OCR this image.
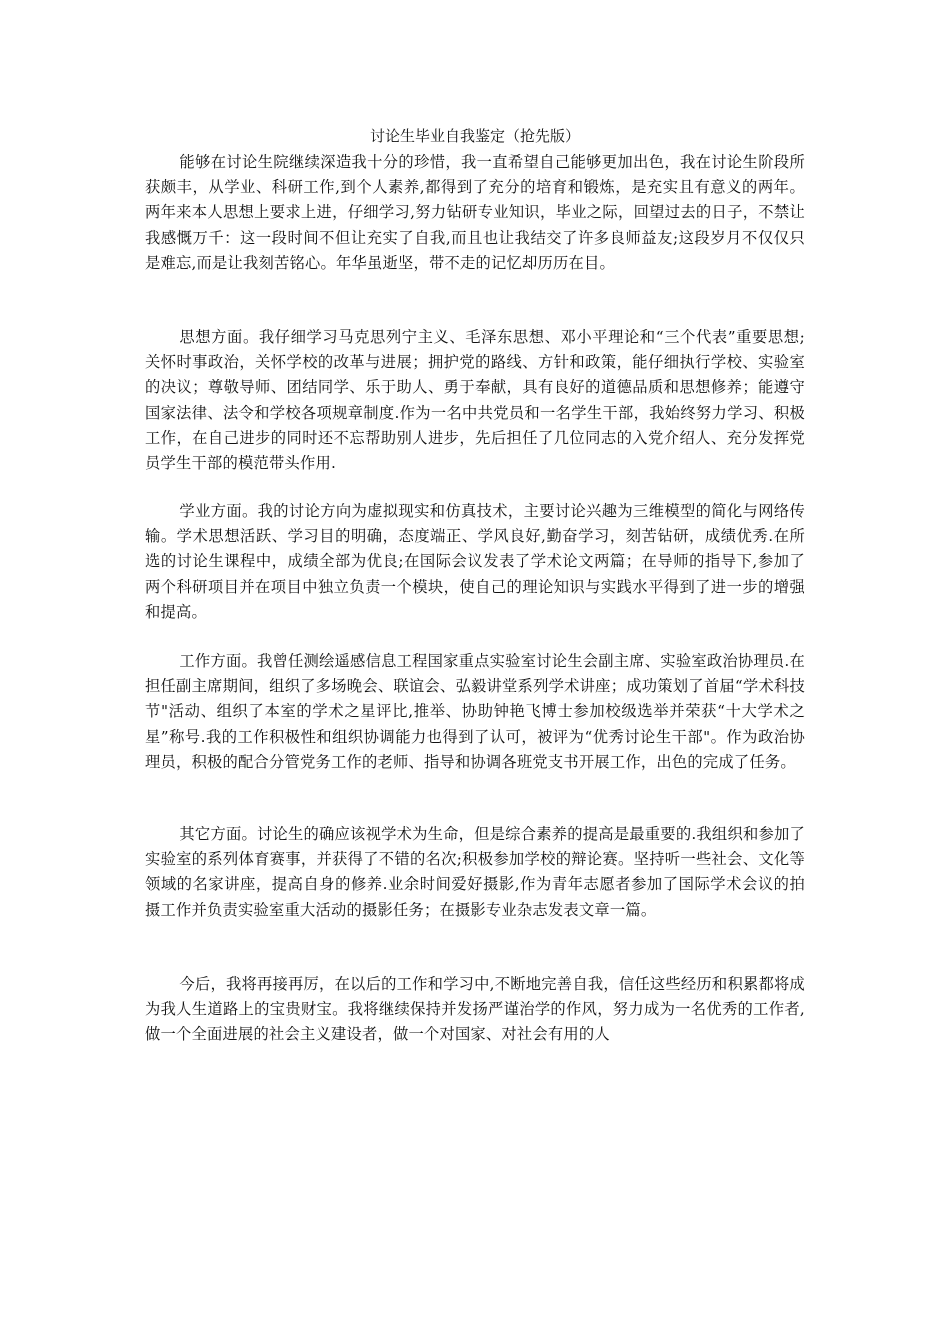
讨论生毕业自我鉴定（抢先版）

能够在讨论生院继续深造我十分的珍惜，我一直希望自己能够更加出色，我在讨论生阶段所获颇丰，从学业、科研工作,到个人素养,都得到了充分的培育和锻炼，是充实且有意义的两年。两年来本人思想上要求上进，仔细学习,努力钻研专业知识，毕业之际，回望过去的日子，不禁让我感慨万千：这一段时间不但让充实了自我,而且也让我结交了许多良师益友;这段岁月不仅仅只是难忘,而是让我刻苦铭心。年华虽逝坚，带不走的记忆却历历在目。

思想方面。我仔细学习马克思列宁主义、毛泽东思想、邓小平理论和“三个代表”重要思想;关怀时事政治，关怀学校的改革与进展；拥护党的路线、方针和政策，能仔细执行学校、实验室的决议；尊敬导师、团结同学、乐于助人、勇于奉献，具有良好的道德品质和思想修养；能遵守国家法律、法令和学校各项规章制度.作为一名中共党员和一名学生干部，我始终努力学习、积极工作，在自己进步的同时还不忘帮助别人进步，先后担任了几位同志的入党介绍人、充分发挥党员学生干部的模范带头作用.

学业方面。我的讨论方向为虚拟现实和仿真技术，主要讨论兴趣为三维模型的简化与网络传输。学术思想活跃、学习目的明确，态度端正、学风良好,勤奋学习，刻苦钻研，成绩优秀.在所选的讨论生课程中，成绩全部为优良;在国际会议发表了学术论文两篇；在导师的指导下,参加了两个科研项目并在项目中独立负责一个模块，使自己的理论知识与实践水平得到了进一步的增强和提高。

工作方面。我曾任测绘遥感信息工程国家重点实验室讨论生会副主席、实验室政治协理员.在担任副主席期间，组织了多场晚会、联谊会、弘毅讲堂系列学术讲座；成功策划了首届“学术科技节"活动、组织了本室的学术之星评比,推举、协助钟艳飞博士参加校级选举并荣获“十大学术之星”称号.我的工作积极性和组织协调能力也得到了认可，被评为“优秀讨论生干部"。作为政治协理员，积极的配合分管党务工作的老师、指导和协调各班党支书开展工作，出色的完成了任务。

其它方面。讨论生的确应该视学术为生命，但是综合素养的提高是最重要的.我组织和参加了实验室的系列体育赛事，并获得了不错的名次;积极参加学校的辩论赛。坚持听一些社会、文化等领域的名家讲座，提高自身的修养.业余时间爱好摄影,作为青年志愿者参加了国际学术会议的拍摄工作并负责实验室重大活动的摄影任务；在摄影专业杂志发表文章一篇。

今后，我将再接再厉，在以后的工作和学习中,不断地完善自我，信任这些经历和积累都将成为我人生道路上的宝贵财宝。我将继续保持并发扬严谨治学的作风，努力成为一名优秀的工作者,做一个全面进展的社会主义建设者，做一个对国家、对社会有用的人
